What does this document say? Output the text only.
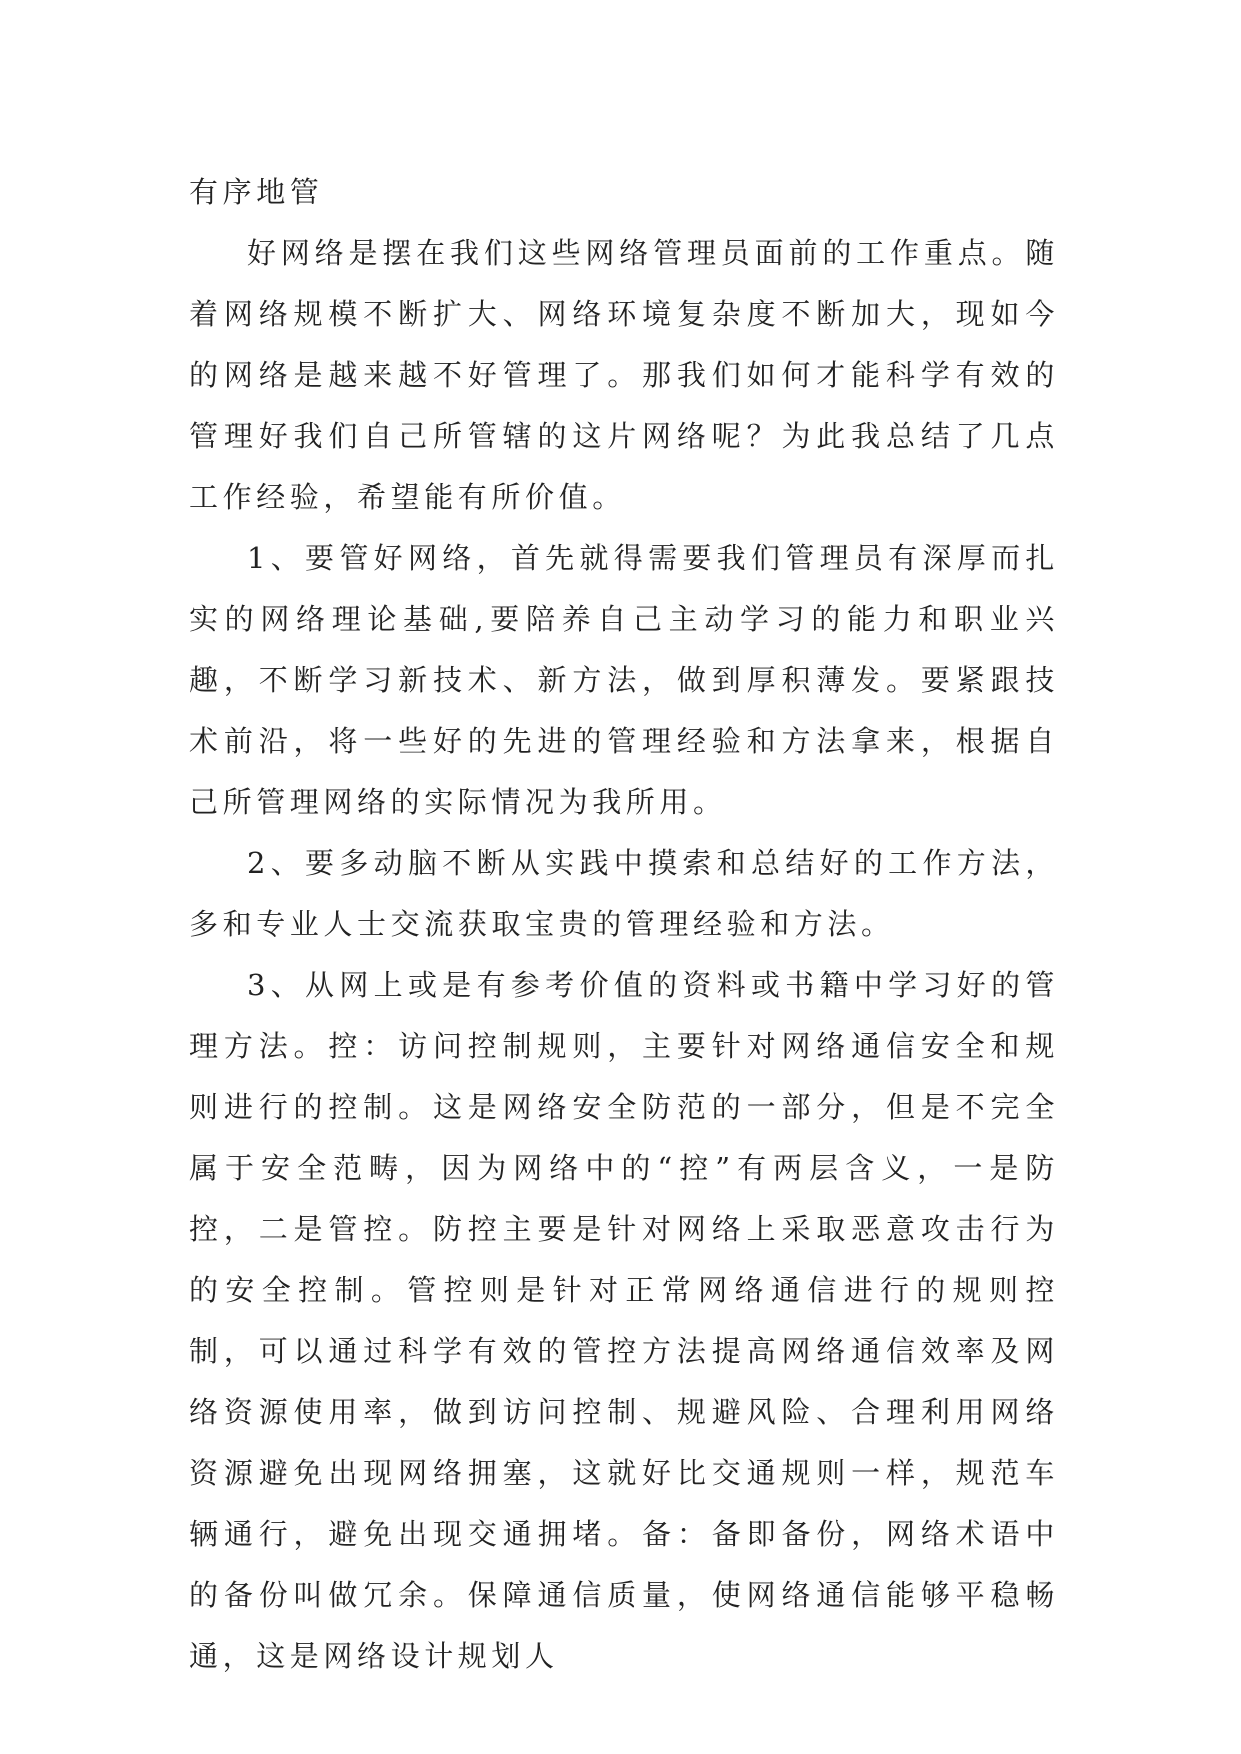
有序地管

好网络是摆在我们这些网络管理员面前的工作重点。随着网络规模不断扩大、网络环境复杂度不断加大，现如今的网络是越来越不好管理了。那我们如何才能科学有效的管理好我们自己所管辖的这片网络呢？为此我总结了几点工作经验，希望能有所价值。

1、要管好网络，首先就得需要我们管理员有深厚而扎实的网络理论基础,要陪养自己主动学习的能力和职业兴趣，不断学习新技术、新方法，做到厚积薄发。要紧跟技术前沿，将一些好的先进的管理经验和方法拿来，根据自己所管理网络的实际情况为我所用。

2、要多动脑不断从实践中摸索和总结好的工作方法，多和专业人士交流获取宝贵的管理经验和方法。

3、从网上或是有参考价值的资料或书籍中学习好的管理方法。控：访问控制规则，主要针对网络通信安全和规则进行的控制。这是网络安全防范的一部分，但是不完全属于安全范畴，因为网络中的“控”有两层含义，一是防控，二是管控。防控主要是针对网络上采取恶意攻击行为的安全控制。管控则是针对正常网络通信进行的规则控制，可以通过科学有效的管控方法提高网络通信效率及网络资源使用率，做到访问控制、规避风险、合理利用网络资源避免出现网络拥塞，这就好比交通规则一样，规范车辆通行，避免出现交通拥堵。备：备即备份，网络术语中的备份叫做冗余。保障通信质量，使网络通信能够平稳畅通，这是网络设计规划人
